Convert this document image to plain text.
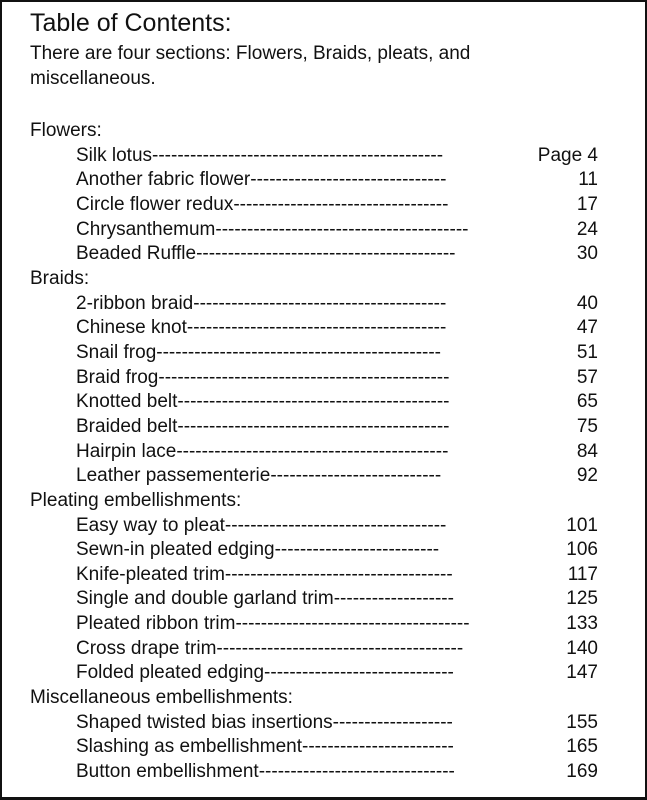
Table of Contents:
There are four sections: Flowers, Braids, pleats, and miscellaneous.
Flowers:
Silk lotus----------------------------------------------	Page 4
Another fabric flower-------------------------------	11
Circle flower redux----------------------------------	17
Chrysanthemum----------------------------------------	24
Beaded Ruffle-----------------------------------------	30
Braids:
2-ribbon braid----------------------------------------	40
Chinese knot-----------------------------------------	47
Snail frog---------------------------------------------	51
Braid frog----------------------------------------------	57
Knotted belt-------------------------------------------	65
Braided belt-------------------------------------------	75
Hairpin lace-------------------------------------------	84
Leather passementerie---------------------------	92
Pleating embellishments:
Easy way to pleat-----------------------------------	101
Sewn-in pleated edging--------------------------	106
Knife-pleated trim------------------------------------	117
Single and double garland trim-------------------	125
Pleated ribbon trim-------------------------------------	133
Cross drape trim---------------------------------------	140
Folded pleated edging------------------------------	147
Miscellaneous embellishments:
Shaped twisted bias insertions-------------------	155
Slashing as embellishment------------------------	165
Button embellishment-------------------------------	169
